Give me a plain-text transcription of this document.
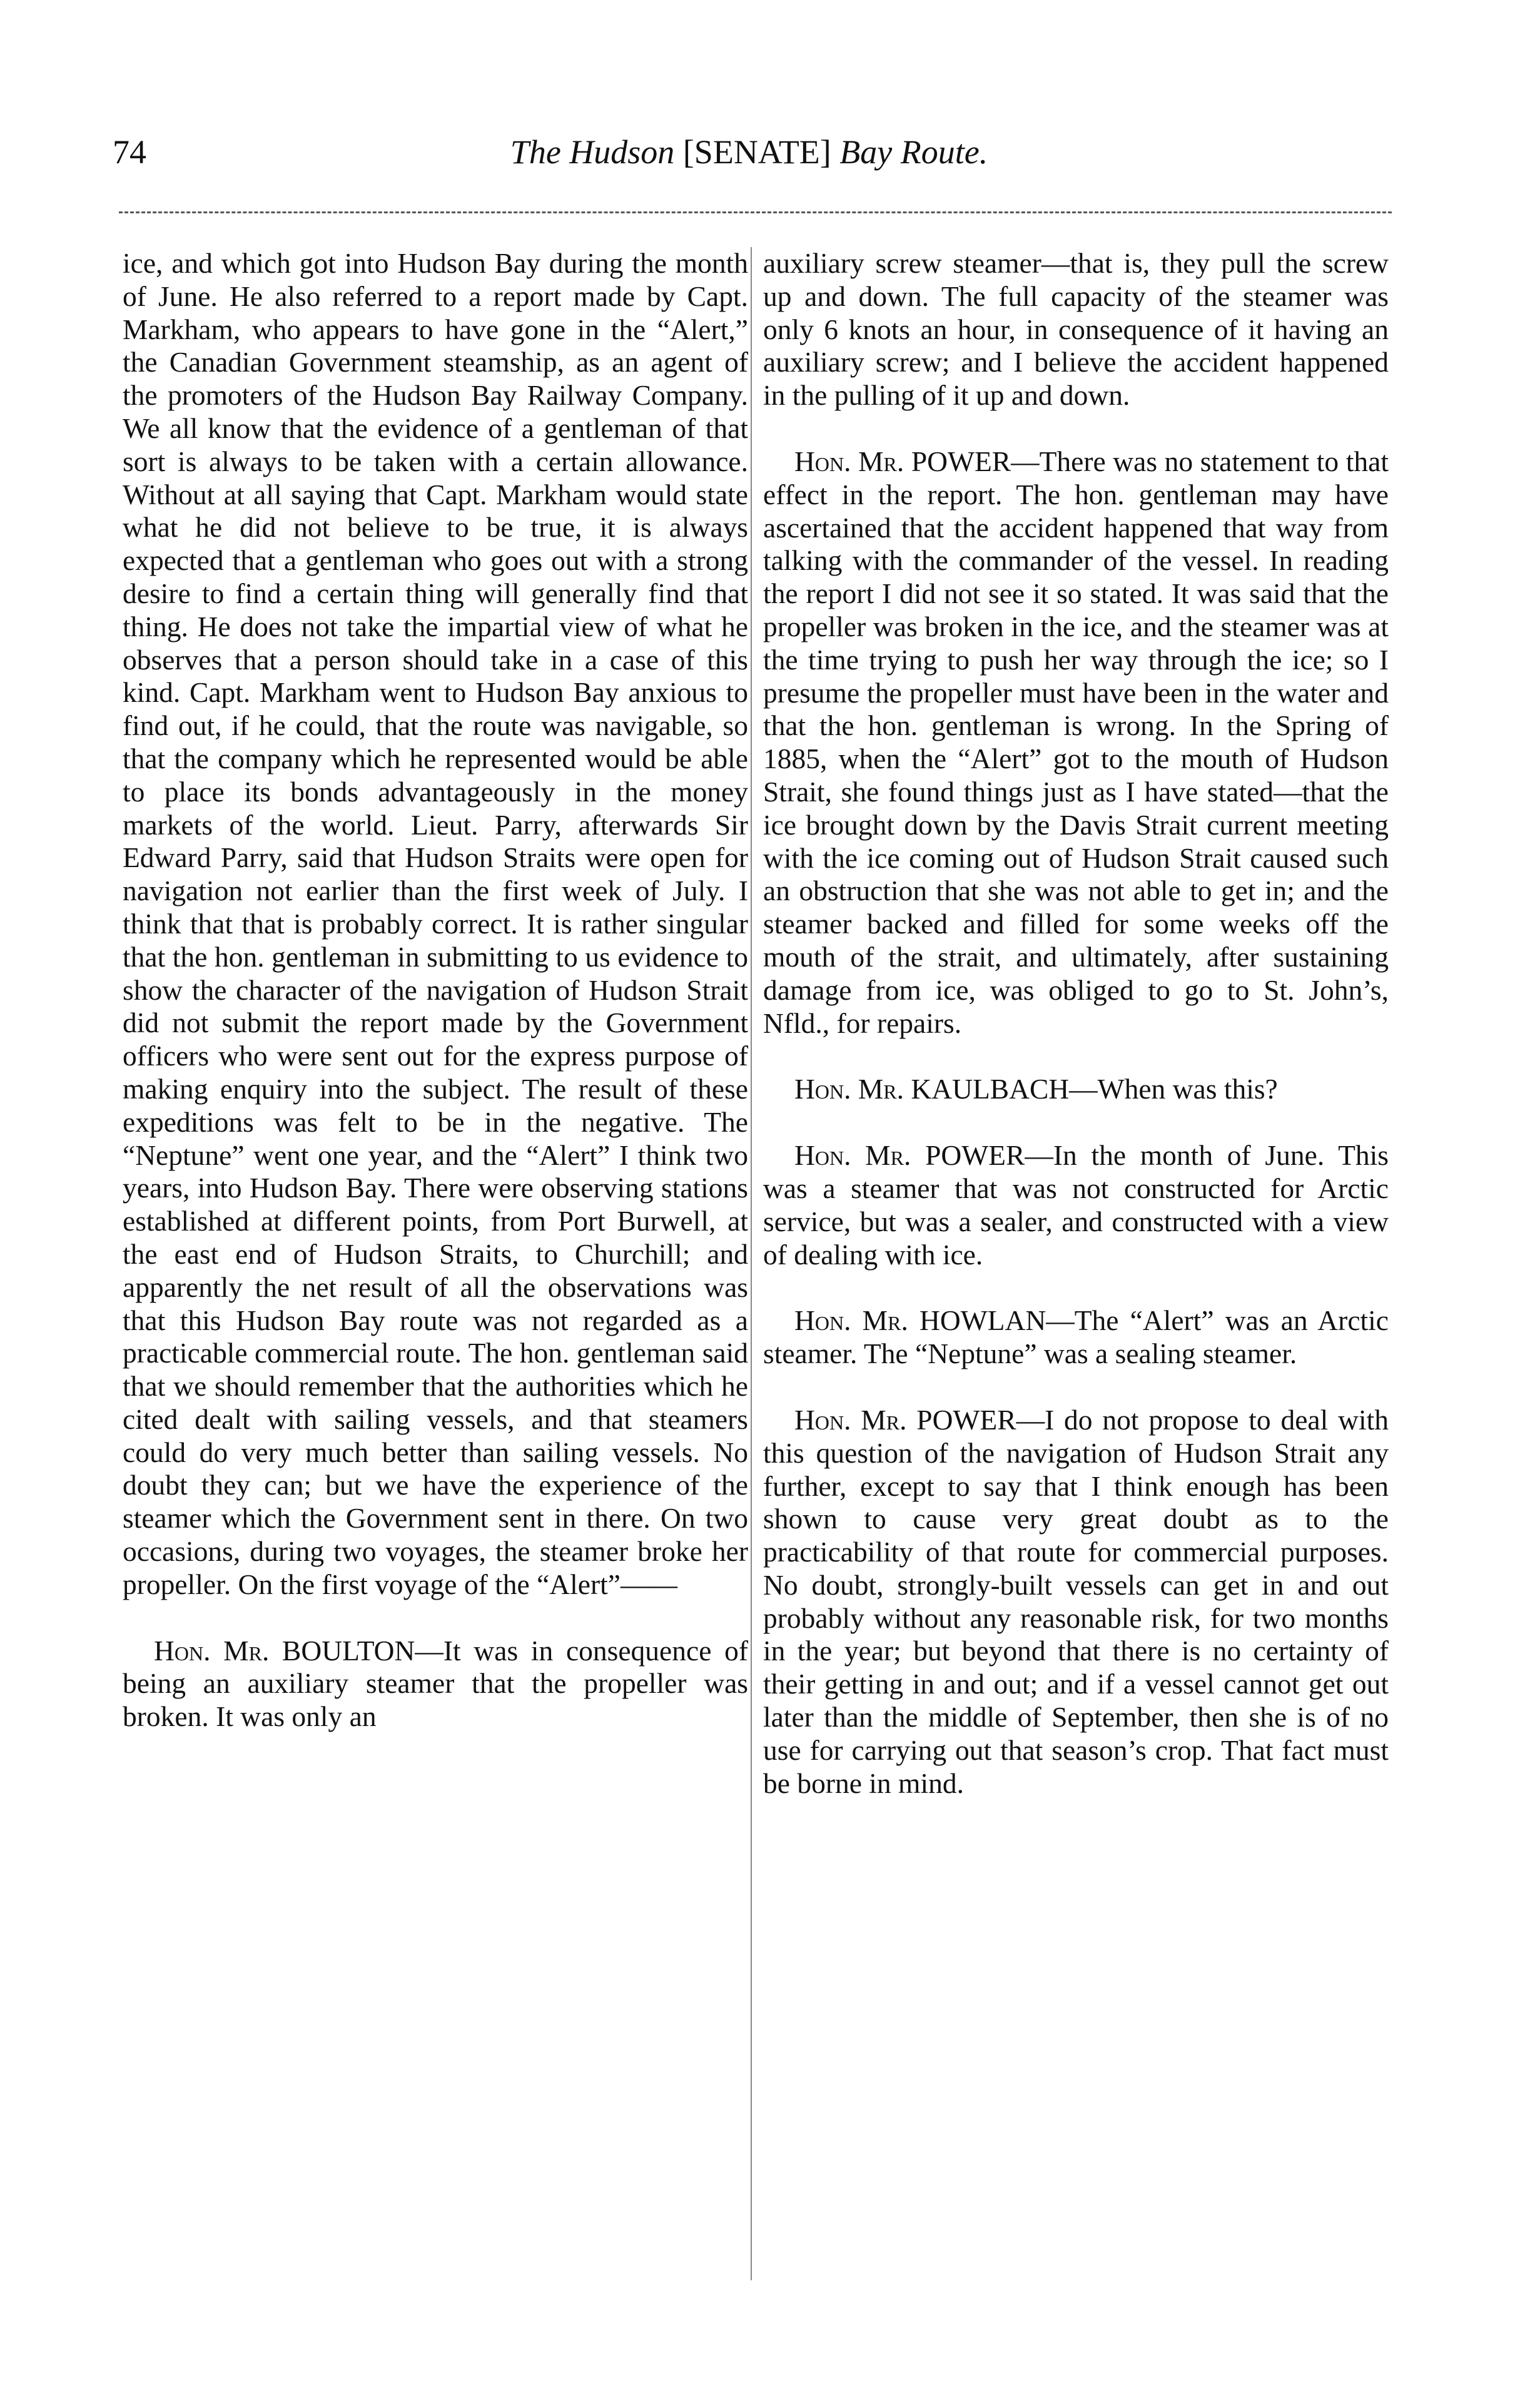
74	The Hudson [SENATE] Bay Route.

ice, and which got into Hudson Bay during the month of June. He also referred to a report made by Capt. Markham, who appears to have gone in the “Alert,” the Canadian Government steamship, as an agent of the promoters of the Hudson Bay Railway Company. We all know that the evidence of a gentleman of that sort is always to be taken with a certain allowance. Without at all saying that Capt. Markham would state what he did not believe to be true, it is always expected that a gentleman who goes out with a strong desire to find a certain thing will generally find that thing. He does not take the impartial view of what he observes that a person should take in a case of this kind. Capt. Markham went to Hudson Bay anxious to find out, if he could, that the route was navigable, so that the company which he represented would be able to place its bonds advantageously in the money markets of the world. Lieut. Parry, afterwards Sir Edward Parry, said that Hudson Straits were open for navigation not earlier than the first week of July. I think that that is probably correct. It is rather singular that the hon. gentleman in submitting to us evidence to show the character of the navigation of Hudson Strait did not submit the report made by the Government officers who were sent out for the express purpose of making enquiry into the subject. The result of these expeditions was felt to be in the negative. The “Neptune” went one year, and the “Alert” I think two years, into Hudson Bay. There were observing stations established at different points, from Port Burwell, at the east end of Hudson Straits, to Churchill; and apparently the net result of all the observations was that this Hudson Bay route was not regarded as a practicable commercial route. The hon. gentleman said that we should remember that the authorities which he cited dealt with sailing vessels, and that steamers could do very much better than sailing vessels. No doubt they can; but we have the experience of the steamer which the Government sent in there. On two occasions, during two voyages, the steamer broke her propeller. On the first voyage of the “Alert”——

Hon. Mr. BOULTON—It was in consequence of being an auxiliary steamer that the propeller was broken. It was only an

auxiliary screw steamer—that is, they pull the screw up and down. The full capacity of the steamer was only 6 knots an hour, in consequence of it having an auxiliary screw; and I believe the accident happened in the pulling of it up and down.

Hon. Mr. POWER—There was no statement to that effect in the report. The hon. gentleman may have ascertained that the accident happened that way from talking with the commander of the vessel. In reading the report I did not see it so stated. It was said that the propeller was broken in the ice, and the steamer was at the time trying to push her way through the ice; so I presume the propeller must have been in the water and that the hon. gentleman is wrong. In the Spring of 1885, when the “Alert” got to the mouth of Hudson Strait, she found things just as I have stated—that the ice brought down by the Davis Strait current meeting with the ice coming out of Hudson Strait caused such an obstruction that she was not able to get in; and the steamer backed and filled for some weeks off the mouth of the strait, and ultimately, after sustaining damage from ice, was obliged to go to St. John’s, Nfld., for repairs.

Hon. Mr. KAULBACH—When was this?

Hon. Mr. POWER—In the month of June. This was a steamer that was not constructed for Arctic service, but was a sealer, and constructed with a view of dealing with ice.

Hon. Mr. HOWLAN—The “Alert” was an Arctic steamer. The “Neptune” was a sealing steamer.

Hon. Mr. POWER—I do not propose to deal with this question of the navigation of Hudson Strait any further, except to say that I think enough has been shown to cause very great doubt as to the practicability of that route for commercial purposes. No doubt, strongly-built vessels can get in and out probably without any reasonable risk, for two months in the year; but beyond that there is no certainty of their getting in and out; and if a vessel cannot get out later than the middle of September, then she is of no use for carrying out that season’s crop. That fact must be borne in mind.
